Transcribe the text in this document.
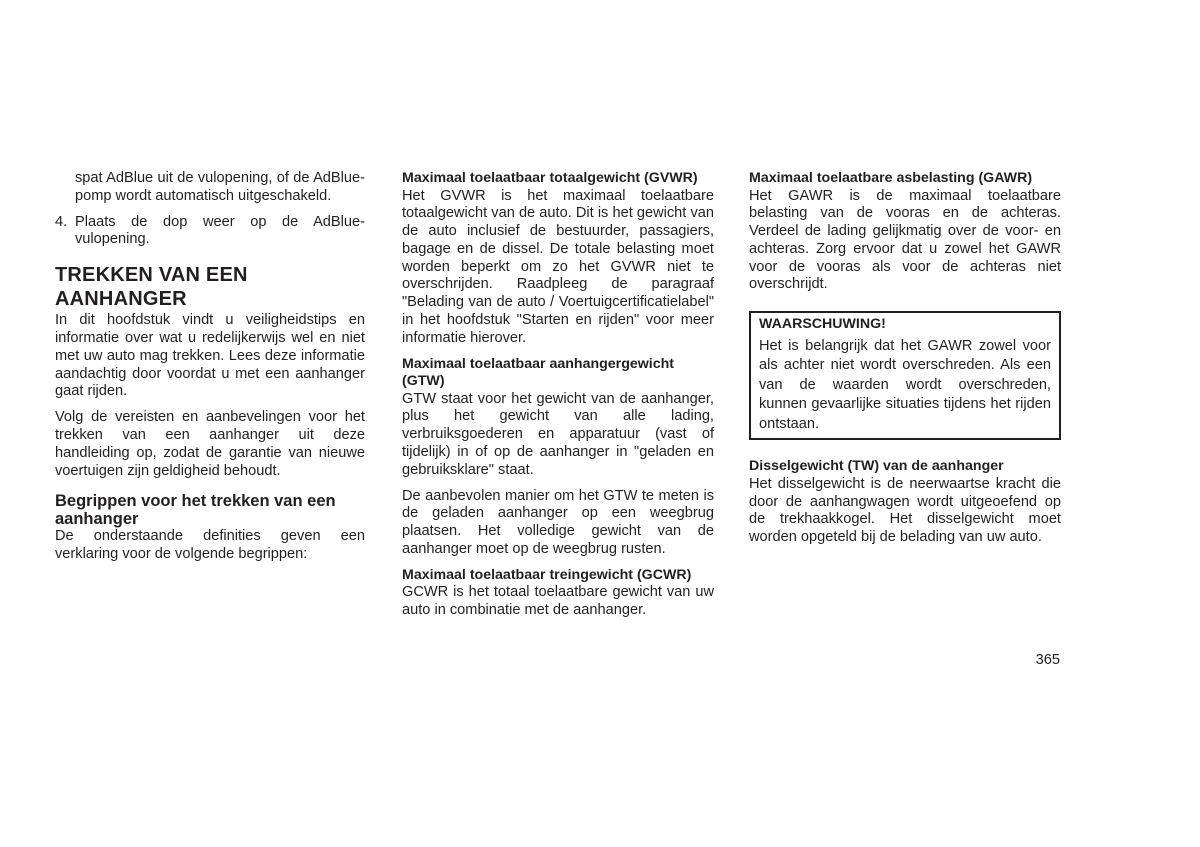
spat AdBlue uit de vulopening, of de AdBlue-pomp wordt automatisch uitgeschakeld.

4. Plaats de dop weer op de AdBlue-vulopening.
TREKKEN VAN EEN AANHANGER

In dit hoofdstuk vindt u veiligheidstips en informatie over wat u redelijkerwijs wel en niet met uw auto mag trekken. Lees deze informatie aandachtig door voordat u met een aanhanger gaat rijden.

Volg de vereisten en aanbevelingen voor het trekken van een aanhanger uit deze handleiding op, zodat de garantie van nieuwe voertuigen zijn geldigheid behoudt.

Begrippen voor het trekken van een aanhanger

De onderstaande definities geven een verklaring voor de volgende begrippen:

Maximaal toelaatbaar totaalgewicht (GVWR)

Het GVWR is het maximaal toelaatbare totaalgewicht van de auto. Dit is het gewicht van de auto inclusief de bestuurder, passagiers, bagage en de dissel. De totale belasting moet worden beperkt om zo het GVWR niet te overschrijden. Raadpleeg de paragraaf "Belading van de auto / Voertuigcertificatielabel" in het hoofdstuk "Starten en rijden" voor meer informatie hierover.

Maximaal toelaatbaar aanhangergewicht (GTW)

GTW staat voor het gewicht van de aanhanger, plus het gewicht van alle lading, verbruiksgoederen en apparatuur (vast of tijdelijk) in of op de aanhanger in "geladen en gebruiksklare" staat.

De aanbevolen manier om het GTW te meten is de geladen aanhanger op een weegbrug plaatsen. Het volledige gewicht van de aanhanger moet op de weegbrug rusten.

Maximaal toelaatbaar treingewicht (GCWR)

GCWR is het totaal toelaatbare gewicht van uw auto in combinatie met de aanhanger.

Maximaal toelaatbare asbelasting (GAWR)

Het GAWR is de maximaal toelaatbare belasting van de vooras en de achteras. Verdeel de lading gelijkmatig over de voor- en achteras. Zorg ervoor dat u zowel het GAWR voor de vooras als voor de achteras niet overschrijdt.

WAARSCHUWING!

Het is belangrijk dat het GAWR zowel voor als achter niet wordt overschreden. Als een van de waarden wordt overschreden, kunnen gevaarlijke situaties tijdens het rijden ontstaan.

Disselgewicht (TW) van de aanhanger

Het disselgewicht is de neerwaartse kracht die door de aanhangwagen wordt uitgeoefend op de trekhaakkogel. Het disselgewicht moet worden opgeteld bij de belading van uw auto.

365
